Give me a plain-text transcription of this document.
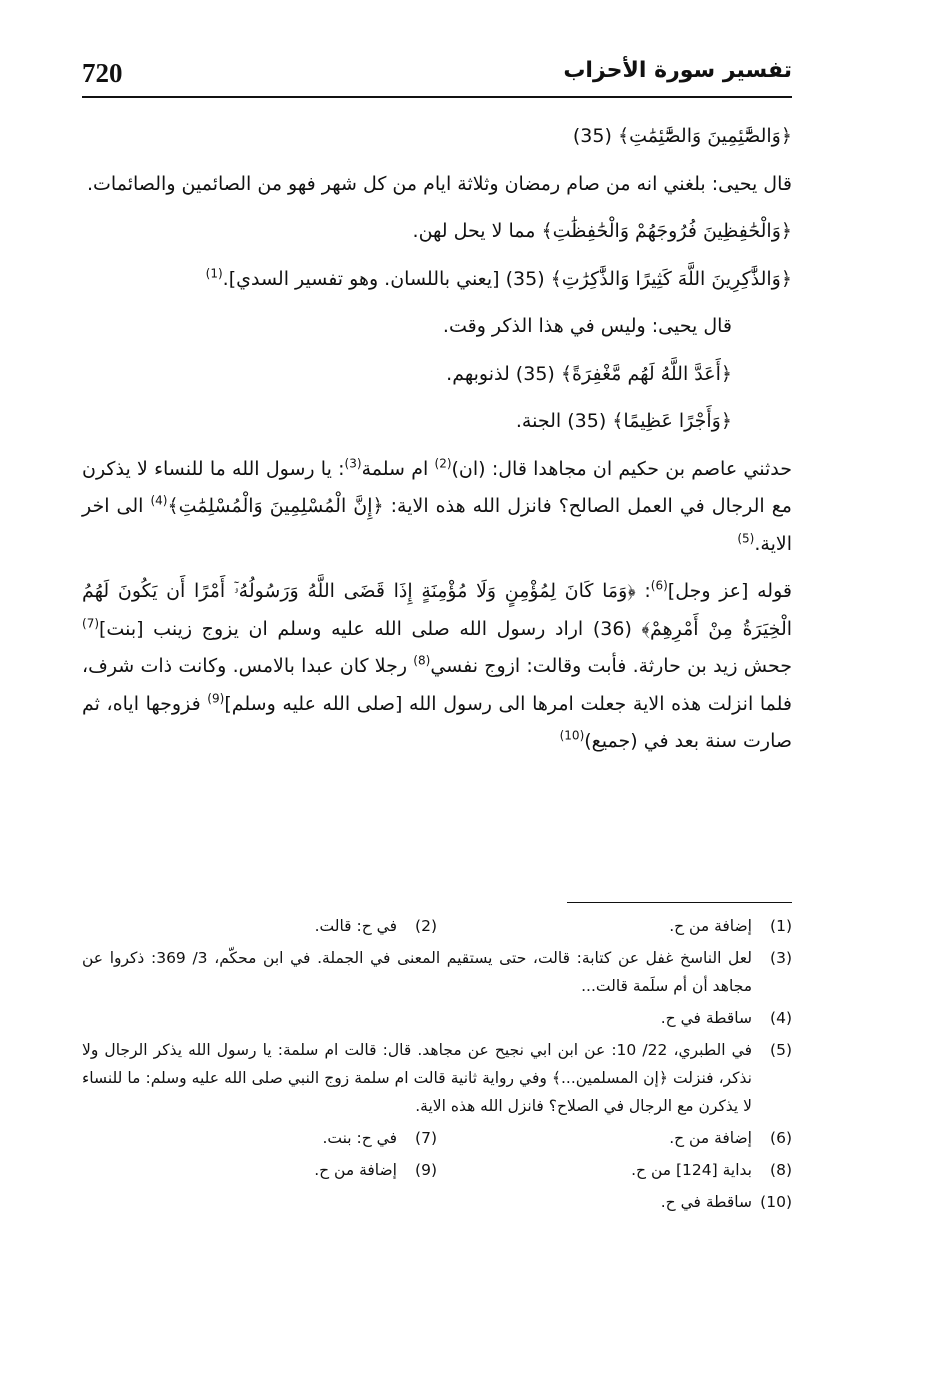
720	تفسير سورة الأحزاب

﴿وَالصَّٰٓئِمِينَ وَالصَّٰٓئِمَٰتِ﴾ (35)

قال يحيى: بلغني انه من صام رمضان وثلاثة ايام من كل شهر فهو من الصائمين والصائمات.

﴿وَالْحَٰفِظِينَ فُرُوجَهُمْ وَالْحَٰفِظَٰتِ﴾ مما لا يحل لهن.

﴿وَالذَّٰكِرِينَ اللَّهَ كَثِيرًا وَالذَّٰكِرَٰتِ﴾ (35) [يعني باللسان. وهو تفسير السدي].$^{(1)}$

قال يحيى: وليس في هذا الذكر وقت.

﴿أَعَدَّ اللَّهُ لَهُم مَّغْفِرَةً﴾ (35) لذنوبهم.

﴿وَأَجْرًا عَظِيمًا﴾ (35) الجنة.

حدثني عاصم بن حكيم ان مجاهدا قال: (ان)$^{(2)}$ ام سلمة$^{(3)}$: يا رسول الله ما للنساء لا يذكرن مع الرجال في العمل الصالح؟ فانزل الله هذه الاية: ﴿إِنَّ الْمُسْلِمِينَ وَالْمُسْلِمَٰتِ﴾$^{(4)}$ الى اخر الاية.$^{(5)}$

قوله [عز وجل]$^{(6)}$: ﴿وَمَا كَانَ لِمُؤْمِنٍ وَلَا مُؤْمِنَةٍ إِذَا قَضَى اللَّهُ وَرَسُولُهُۥٓ أَمْرًا أَن يَكُونَ لَهُمُ الْخِيَرَةُ مِنْ أَمْرِهِمْ﴾ (36) اراد رسول الله صلى الله عليه وسلم ان يزوج زينب [بنت]$^{(7)}$ جحش زيد بن حارثة. فأبت وقالت: ازوج نفسي$^{(8)}$ رجلا كان عبدا بالامس. وكانت ذات شرف، فلما انزلت هذه الاية جعلت امرها الى رسول الله [صلى الله عليه وسلم]$^{(9)}$ فزوجها اياه، ثم صارت سنة بعد في (جميع)$^{(10)}$

(1)
إضافة من ح.
(2)
في ح: قالت.
(3)
لعل الناسخ غفل عن كتابة: قالت، حتى يستقيم المعنى في الجملة. في ابن محكّم، 3/ 369: ذكروا عن مجاهد أن أم سلَمة قالت...
(4)
ساقطة في ح.
(5)
في الطبري، 22/ 10: عن ابن ابي نجيح عن مجاهد. قال: قالت ام سلمة: يا رسول الله يذكر الرجال ولا نذكر، فنزلت ﴿إن المسلمين...﴾ وفي رواية ثانية قالت ام سلمة زوج النبي صلى الله عليه وسلم: ما للنساء لا يذكرن مع الرجال في الصلاح؟ فانزل الله هذه الاية.
(6)
إضافة من ح.
(7)
في ح: بنت.
(8)
بداية [124] من ح.
(9)
إضافة من ح.
(10)
ساقطة في ح.
